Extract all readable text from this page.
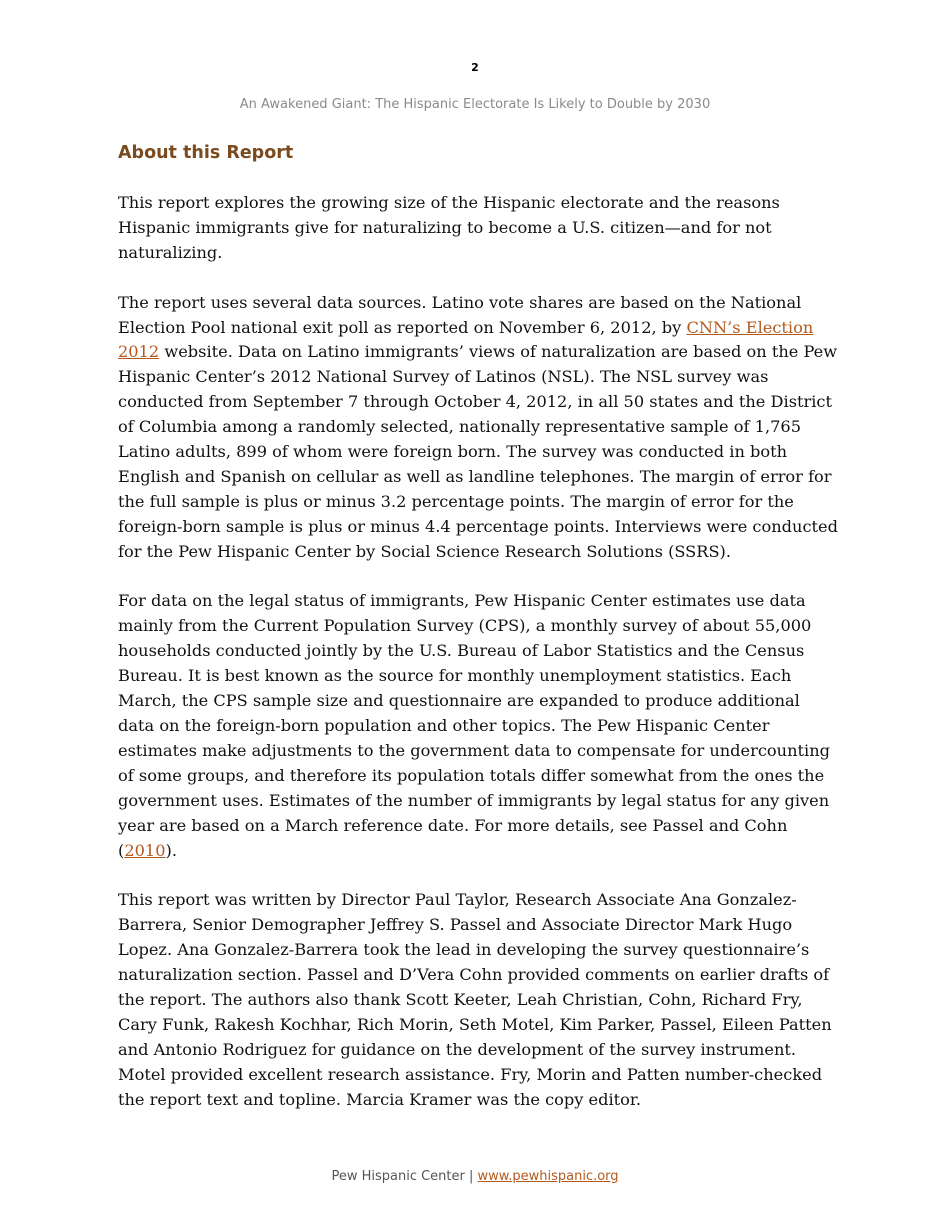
2
An Awakened Giant: The Hispanic Electorate Is Likely to Double by 2030
About this Report

This report explores the growing size of the Hispanic electorate and the reasons Hispanic immigrants give for naturalizing to become a U.S. citizen—and for not naturalizing.

The report uses several data sources. Latino vote shares are based on the National Election Pool national exit poll as reported on November 6, 2012, by CNN’s Election 2012 website. Data on Latino immigrants’ views of naturalization are based on the Pew Hispanic Center’s 2012 National Survey of Latinos (NSL). The NSL survey was conducted from September 7 through October 4, 2012, in all 50 states and the District of Columbia among a randomly selected, nationally representative sample of 1,765 Latino adults, 899 of whom were foreign born. The survey was conducted in both English and Spanish on cellular as well as landline telephones. The margin of error for the full sample is plus or minus 3.2 percentage points. The margin of error for the foreign-born sample is plus or minus 4.4 percentage points. Interviews were conducted for the Pew Hispanic Center by Social Science Research Solutions (SSRS).

For data on the legal status of immigrants, Pew Hispanic Center estimates use data mainly from the Current Population Survey (CPS), a monthly survey of about 55,000 households conducted jointly by the U.S. Bureau of Labor Statistics and the Census Bureau. It is best known as the source for monthly unemployment statistics. Each March, the CPS sample size and questionnaire are expanded to produce additional data on the foreign-born population and other topics. The Pew Hispanic Center estimates make adjustments to the government data to compensate for undercounting of some groups, and therefore its population totals differ somewhat from the ones the government uses. Estimates of the number of immigrants by legal status for any given year are based on a March reference date. For more details, see Passel and Cohn (2010).

This report was written by Director Paul Taylor, Research Associate Ana Gonzalez-Barrera, Senior Demographer Jeffrey S. Passel and Associate Director Mark Hugo Lopez. Ana Gonzalez-Barrera took the lead in developing the survey questionnaire’s naturalization section. Passel and D’Vera Cohn provided comments on earlier drafts of the report. The authors also thank Scott Keeter, Leah Christian, Cohn, Richard Fry, Cary Funk, Rakesh Kochhar, Rich Morin, Seth Motel, Kim Parker, Passel, Eileen Patten and Antonio Rodriguez for guidance on the development of the survey instrument. Motel provided excellent research assistance. Fry, Morin and Patten number-checked the report text and topline. Marcia Kramer was the copy editor.

Pew Hispanic Center | www.pewhispanic.org
